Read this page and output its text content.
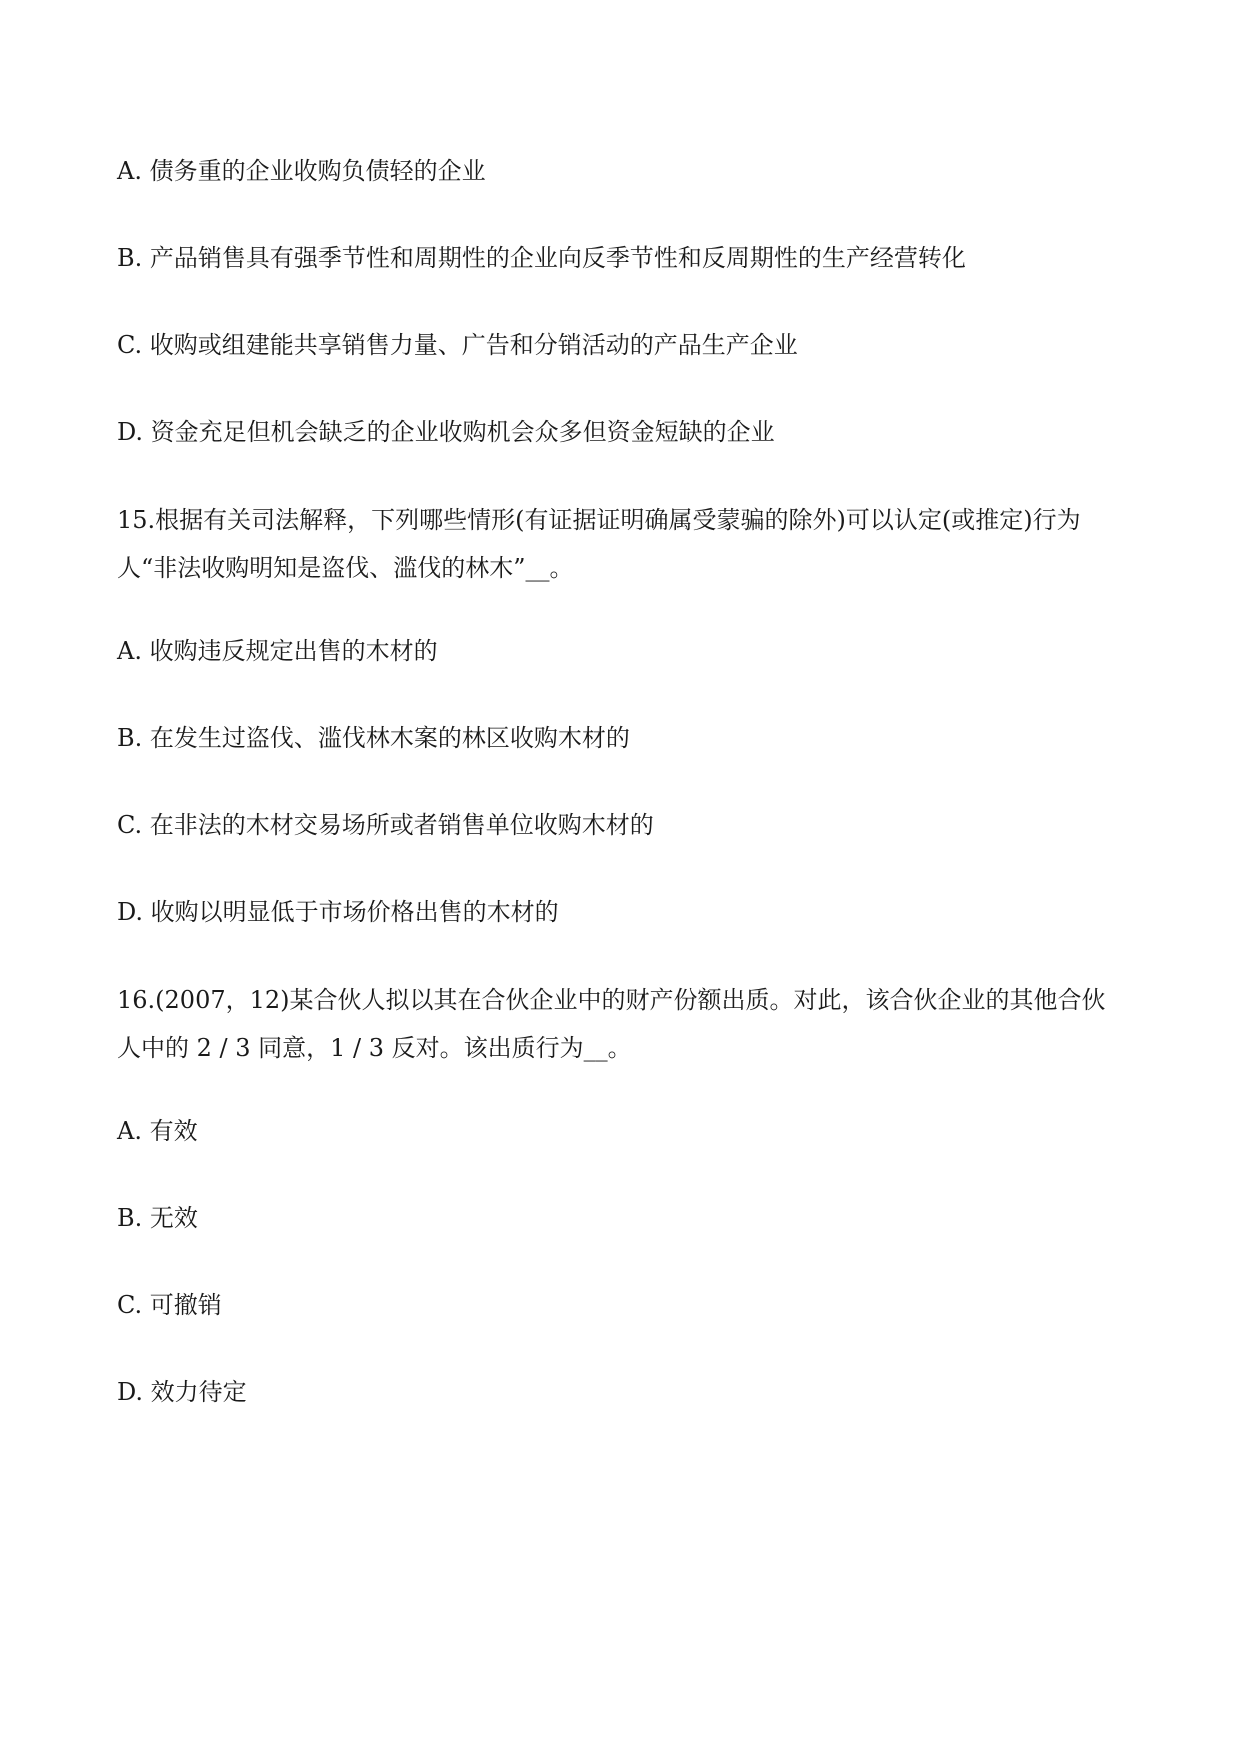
A. 债务重的企业收购负债轻的企业
B. 产品销售具有强季节性和周期性的企业向反季节性和反周期性的生产经营转化
C. 收购或组建能共享销售力量、广告和分销活动的产品生产企业
D. 资金充足但机会缺乏的企业收购机会众多但资金短缺的企业
15.根据有关司法解释，下列哪些情形(有证据证明确属受蒙骗的除外)可以认定(或推定)行为
人“非法收购明知是盗伐、滥伐的林木”__。
A. 收购违反规定出售的木材的
B. 在发生过盗伐、滥伐林木案的林区收购木材的
C. 在非法的木材交易场所或者销售单位收购木材的
D. 收购以明显低于市场价格出售的木材的
16.(2007，12)某合伙人拟以其在合伙企业中的财产份额出质。对此，该合伙企业的其他合伙
人中的 2 / 3 同意，1 / 3 反对。该出质行为__。
A. 有效
B. 无效
C. 可撤销
D. 效力待定
